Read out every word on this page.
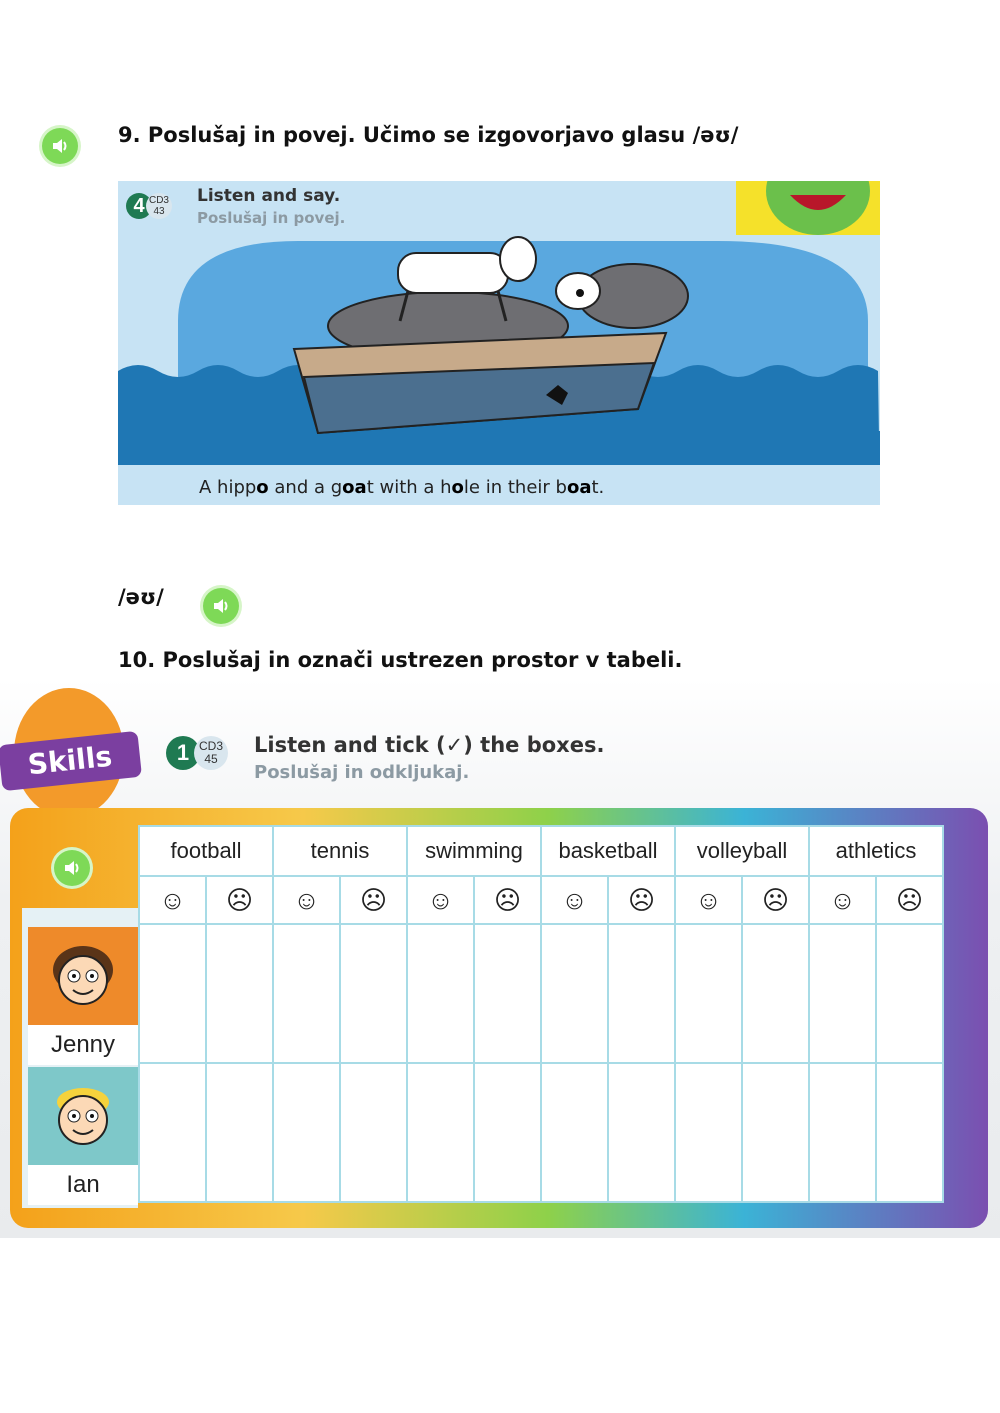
9. Poslušaj in povej. Učimo se izgovorjavo glasu /əʊ/
4 CD3
43
Listen and say.
Poslušaj in povej.
A hippo and a goat with a hole in their boat.
/əʊ/
10. Poslušaj in označi ustrezen prostor v tabeli.
Skills	1 CD3
45
Listen and tick (✓) the boxes.
Poslušaj in odkljukaj.
football		tennis		swimming		basketball		volleyball		athletics	
☺	☹	☺	☹	☺	☹	☺	☹	☺	☹	☺	☹

Jenny
Ian
